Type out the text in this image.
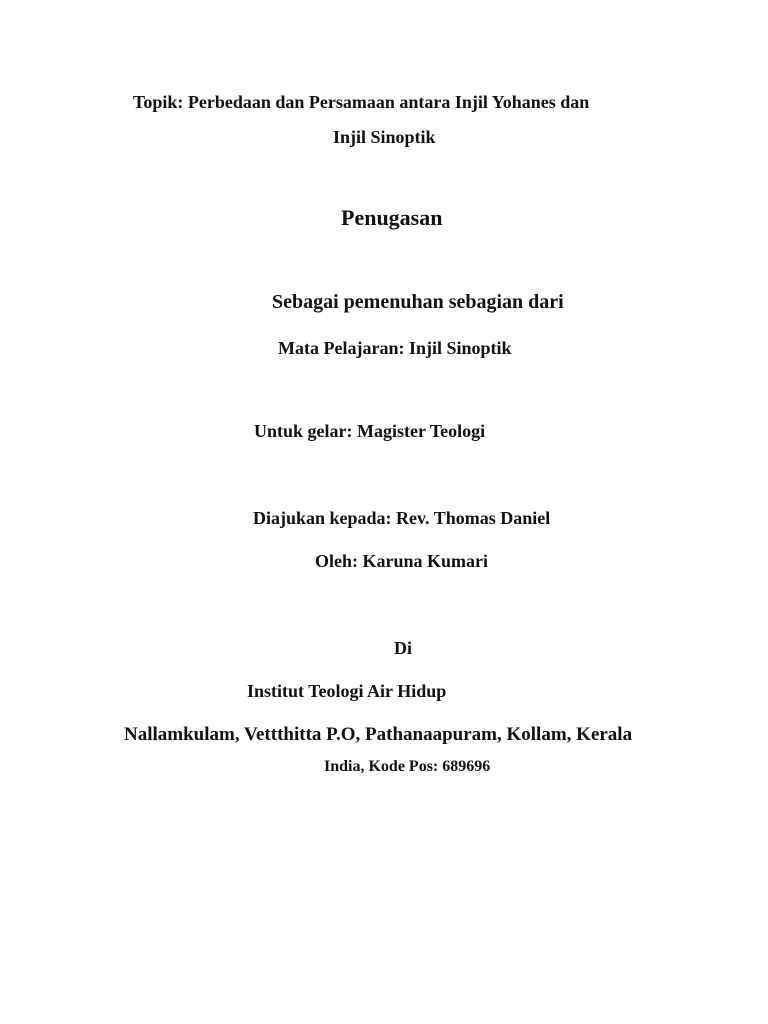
Topik: Perbedaan dan Persamaan antara Injil Yohanes dan
Injil Sinoptik
Penugasan
Sebagai pemenuhan sebagian dari
Mata Pelajaran: Injil Sinoptik
Untuk gelar: Magister Teologi
Diajukan kepada: Rev. Thomas Daniel
Oleh: Karuna Kumari
Di
Institut Teologi Air Hidup
Nallamkulam, Vettthitta P.O, Pathanaapuram, Kollam, Kerala
India, Kode Pos: 689696
